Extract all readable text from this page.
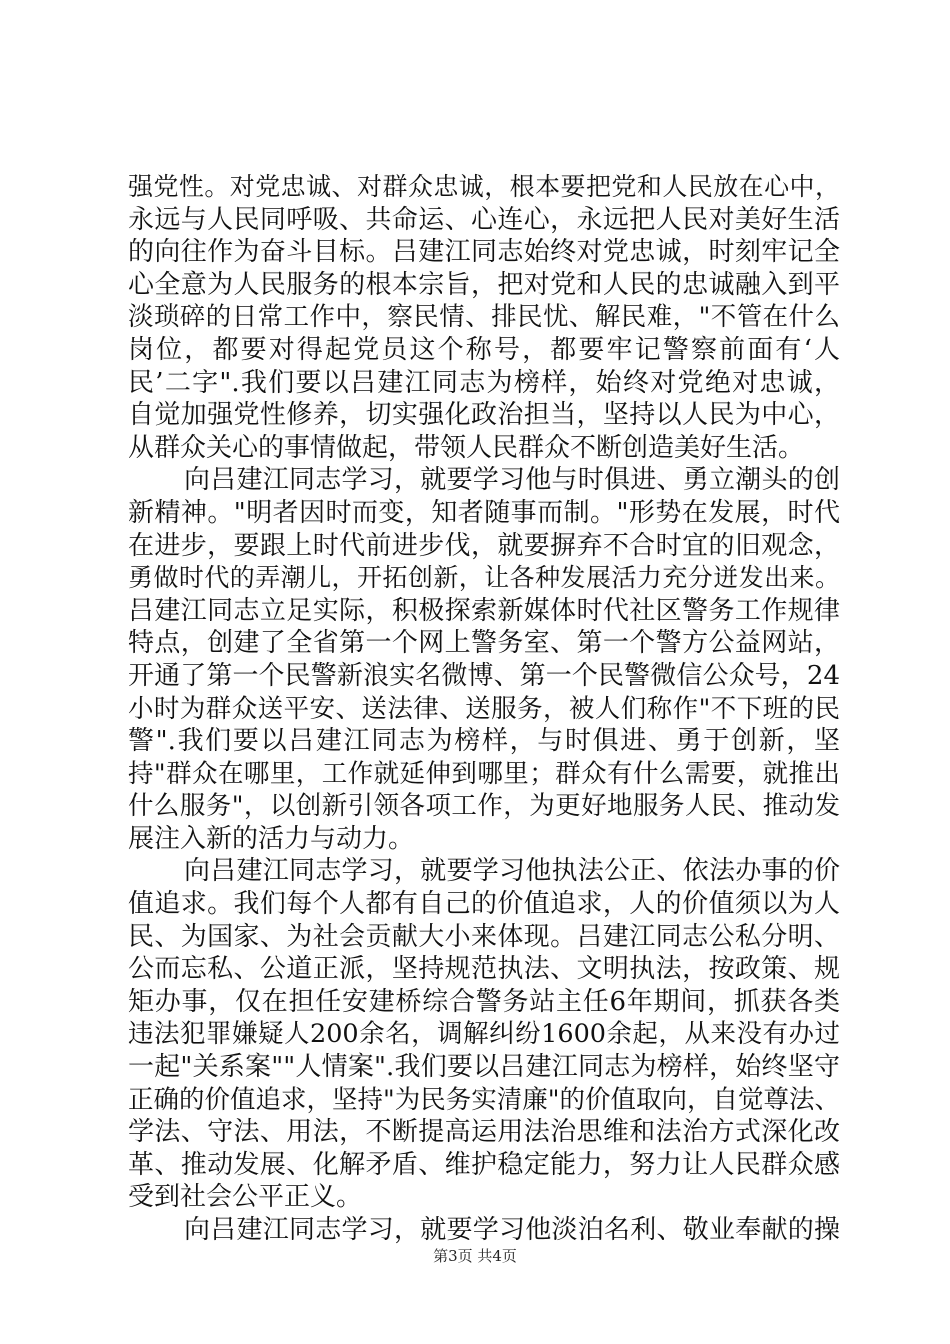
强党性。对党忠诚、对群众忠诚，根本要把党和人民放在心中，
永远与人民同呼吸、共命运、心连心，永远把人民对美好生活
的向往作为奋斗目标。吕建江同志始终对党忠诚，时刻牢记全
心全意为人民服务的根本宗旨，把对党和人民的忠诚融入到平
淡琐碎的日常工作中，察民情、排民忧、解民难，"不管在什么
岗位，都要对得起党员这个称号，都要牢记警察前面有‘人
民’二字".我们要以吕建江同志为榜样，始终对党绝对忠诚，
自觉加强党性修养，切实强化政治担当，坚持以人民为中心，
从群众关心的事情做起，带领人民群众不断创造美好生活。
向吕建江同志学习，就要学习他与时俱进、勇立潮头的创
新精神。"明者因时而变，知者随事而制。"形势在发展，时代
在进步，要跟上时代前进步伐，就要摒弃不合时宜的旧观念，
勇做时代的弄潮儿，开拓创新，让各种发展活力充分迸发出来。
吕建江同志立足实际，积极探索新媒体时代社区警务工作规律
特点，创建了全省第一个网上警务室、第一个警方公益网站，
开通了第一个民警新浪实名微博、第一个民警微信公众号，24
小时为群众送平安、送法律、送服务，被人们称作"不下班的民
警".我们要以吕建江同志为榜样，与时俱进、勇于创新，坚
持"群众在哪里，工作就延伸到哪里；群众有什么需要，就推出
什么服务"，以创新引领各项工作，为更好地服务人民、推动发
展注入新的活力与动力。
向吕建江同志学习，就要学习他执法公正、依法办事的价
值追求。我们每个人都有自己的价值追求，人的价值须以为人
民、为国家、为社会贡献大小来体现。吕建江同志公私分明、
公而忘私、公道正派，坚持规范执法、文明执法，按政策、规
矩办事，仅在担任安建桥综合警务站主任6年期间，抓获各类
违法犯罪嫌疑人200余名，调解纠纷1600余起，从来没有办过
一起"关系案""人情案".我们要以吕建江同志为榜样，始终坚守
正确的价值追求，坚持"为民务实清廉"的价值取向，自觉尊法、
学法、守法、用法，不断提高运用法治思维和法治方式深化改
革、推动发展、化解矛盾、维护稳定能力，努力让人民群众感
受到社会公平正义。
向吕建江同志学习，就要学习他淡泊名利、敬业奉献的操
第3页 共4页
